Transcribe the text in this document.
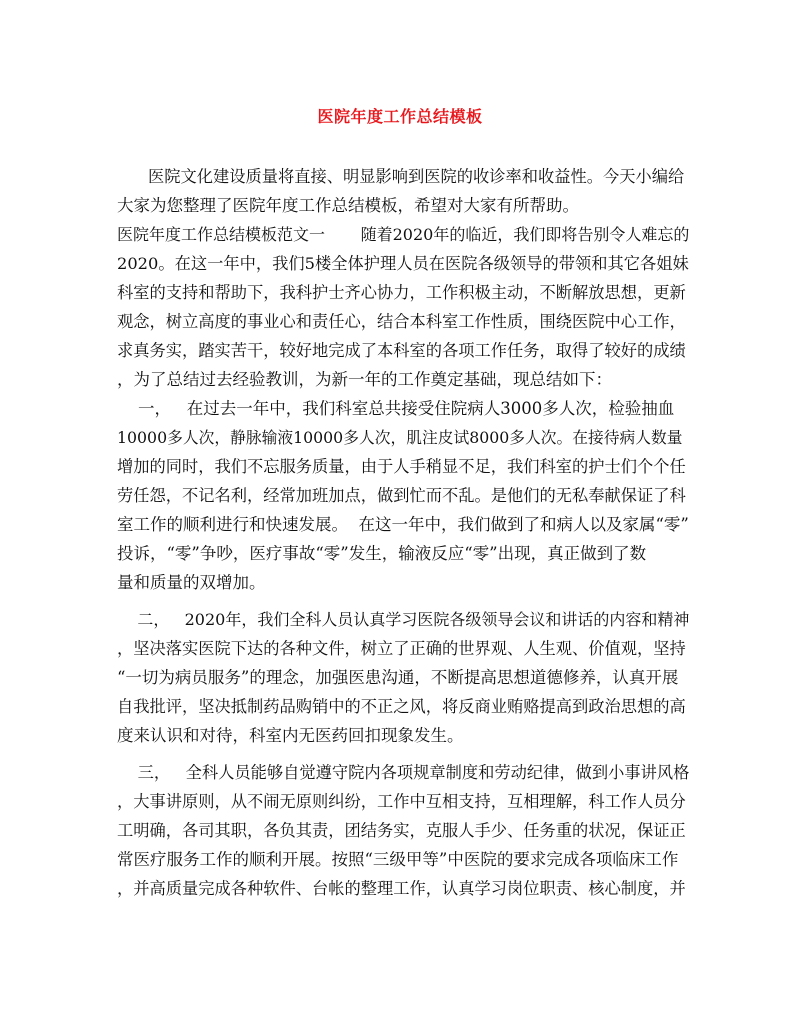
医院年度工作总结模板
医院文化建设质量将直接、明显影响到医院的收诊率和收益性。今天小编给
大家为您整理了医院年度工作总结模板，希望对大家有所帮助。
医院年度工作总结模板范文一       随着2020年的临近，我们即将告别令人难忘的
2020。在这一年中，我们5楼全体护理人员在医院各级领导的带领和其它各姐妹
科室的支持和帮助下，我科护士齐心协力，工作积极主动，不断解放思想，更新
观念，树立高度的事业心和责任心，结合本科室工作性质，围绕医院中心工作，
求真务实，踏实苦干，较好地完成了本科室的各项工作任务，取得了较好的成绩
，为了总结过去经验教训，为新一年的工作奠定基础，现总结如下：
一，   在过去一年中，我们科室总共接受住院病人3000多人次，检验抽血
10000多人次，静脉输液10000多人次，肌注皮试8000多人次。在接待病人数量
增加的同时，我们不忘服务质量，由于人手稍显不足，我们科室的护士们个个任
劳任怨，不记名利，经常加班加点，做到忙而不乱。是他们的无私奉献保证了科
室工作的顺利进行和快速发展。  在这一年中，我们做到了和病人以及家属“零”
投诉，“零”争吵，医疗事故“零”发生，输液反应“零”出现，真正做到了数
量和质量的双增加。
二，   2020年，我们全科人员认真学习医院各级领导会议和讲话的内容和精神
，坚决落实医院下达的各种文件，树立了正确的世界观、人生观、价值观，坚持
“一切为病员服务”的理念，加强医患沟通，不断提高思想道德修养，认真开展
自我批评，坚决抵制药品购销中的不正之风，将反商业贿赂提高到政治思想的高
度来认识和对待，科室内无医药回扣现象发生。
三，   全科人员能够自觉遵守院内各项规章制度和劳动纪律，做到小事讲风格
，大事讲原则，从不闹无原则纠纷，工作中互相支持，互相理解，科工作人员分
工明确，各司其职，各负其责，团结务实，克服人手少、任务重的状况，保证正
常医疗服务工作的顺利开展。按照“三级甲等”中医院的要求完成各项临床工作
，并高质量完成各种软件、台帐的整理工作，认真学习岗位职责、核心制度，并
